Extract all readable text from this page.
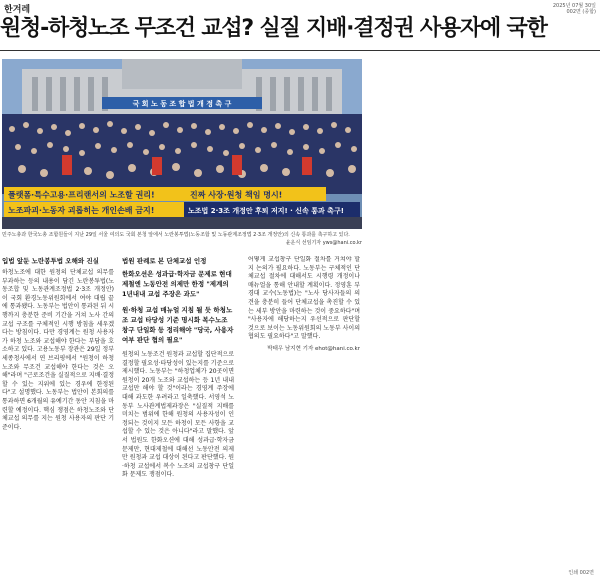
한겨레	2025년 07월 30일
002면 (종합)
원청-하청노조 무조건 교섭? 실질 지배·결정권 사용자에 국한
국 회 노 동 조 합 법 개 정 촉 구
플랫폼·특수고용·프리랜서의 노조할 권리!	진짜 사장·원청 책임 명시!
노조파괴·노동자 괴롭히는 개인손배 금지!	노조법 2·3조 개정안 후퇴 저지! · 신속 통과 촉구!
민주노총과 한국노총 조합원들이 지난 29일 서울 여의도 국회 본청 앞에서 노란봉투법(노동조합 및 노동관계조정법 2·3조 개정안)의 신속 통과를 촉구하고 있다.
윤운식 선임기자 yws@hani.co.kr
입법 앞둔 노란봉투법 오해와 진실

하청노조에 대한 원청의 단체교섭 의무를 부과하는 등의 내용이 담긴 노란봉투법(노동조합 및 노동관계조정법 2·3조 개정안)이 국회 환경노동위원회에서 여야 대립 끝에 통과됐다. 노동부는 법안이 통과된 뒤 시행까지 충분한 준비 기간을 거쳐 노사 간의 교섭 구조를 구체적인 시행 방침을 세우겠다는 방침이다. 다만 경영계는 원청 사용자가 하청 노조와 교섭해야 한다는 부담을 호소하고 있다. 고용노동부 장관은 29일 정부세종청사에서 연 브리핑에서 "원청이 하청노조와 무조건 교섭해야 한다는 것은 오해"라며 "근로조건을 실질적으로 지배·결정할 수 있는 지위에 있는 경우에 한정된다"고 설명했다. 노동부는 법안이 본회의를 통과하면 6개월의 유예기간 동안 지침을 마련할 예정이다. 핵심 쟁점은 하청노조와 단체교섭 의무를 지는 원청 사용자의 판단 기준이다.

법원 판례로 본 단체교섭 인정
한화오션은 성과급·학자금 문제로 현대제철엔 노동안전 의제만 한정 "제계의 1년내내 교섭 주장은 과도"
원·하청 교섭 매뉴얼 지침 될 듯 하청노조 교섭 타당성 기준 명시화 복수노조 창구 단일화 등 정리해야 "당국, 사용자 여부 판단 협의 필요"

원청의 노동조건 원청과 교섭할 집단적으로 결정할 필요성·타당성이 있는지를 기준으로 제시했다. 노동부는 "하청업체가 20곳이면 원청이 20개 노조와 교섭하는 등 1년 내내 교섭만 해야 할 것"이라는 경영계 주장에 대해 과도한 우려라고 일축했다. 서영석 노동부 노사관계법제과장은 "실질적 지배를 미치는 범위에 한해 원청의 사용자성이 인정되는 것이지 모든 하청이 모든 사항을 교섭할 수 있는 것은 아니다"라고 말했다. 앞서 법원도 한화오션에 대해 성과급·학자금 문제만, 현대제철에 대해선 노동안전 의제만 원청과 교섭 대상이 된다고 판단했다. 원·하청 교섭에서 복수 노조의 교섭창구 단일화 문제도 쟁점이다.

어떻게 교섭창구 단일화 절차를 거쳐야 할지 논의가 필요하다. 노동부는 구체적인 단체교섭 절차에 대해서도 시행령 개정이나 매뉴얼을 통해 안내할 계획이다. 정영훈 부경대 교수(노동법)는 "노사 당사자들의 의견을 충분히 들어 단체교섭을 촉진할 수 있는 세부 방안을 마련하는 것이 중요하다"며 "사용자에 해당하는지 우선적으로 판단할 것으로 보이는 노동위원회의 노동부 사이의 협의도 필요하다"고 말했다.

박태우 남지현 기자 ehot@hani.co.kr
인쇄 002면
